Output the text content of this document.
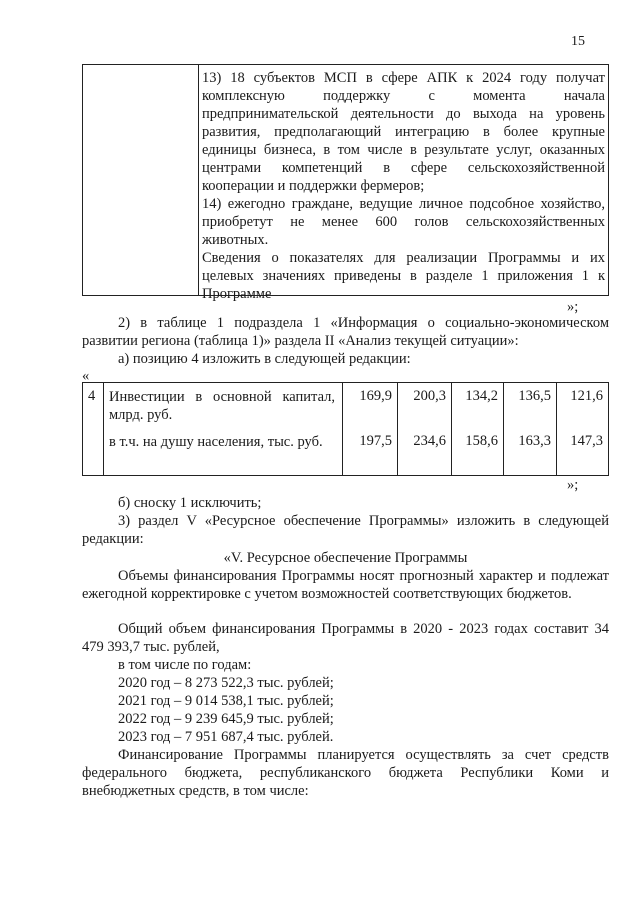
15

13) 18 субъектов МСП в сфере АПК к 2024 году получат комплексную поддержку с момента начала предпринимательской деятельности до выхода на уровень развития, предполагающий интеграцию в более крупные единицы бизнеса, в том числе в результате услуг, оказанных центрами компетенций в сфере сельскохозяйственной кооперации и поддержки фермеров;

14) ежегодно граждане, ведущие личное подсобное хозяйство, приобретут не менее 600 голов сельскохозяйственных животных.

Сведения о показателях для реализации Программы и их целевых значениях приведены в разделе 1 приложения 1 к Программе

»;

2) в таблице 1 подраздела 1 «Информация о социально-экономическом развитии региона (таблица 1)» раздела II «Анализ текущей ситуации»:

а) позицию 4 изложить в следующей редакции:

«
4 Инвестиции в основной капитал, млрд. руб.
169,9	200,3	134,2	136,5	121,6
в т.ч. на душу населения, тыс. руб.	197,5	234,6	158,6	163,3	147,3
»;

б) сноску 1 исключить;

3) раздел V «Ресурсное обеспечение Программы» изложить в следующей редакции:

«V. Ресурсное обеспечение Программы

Объемы финансирования Программы носят прогнозный характер и подлежат ежегодной корректировке с учетом возможностей соответствующих бюджетов.

Общий объем финансирования Программы в 2020 - 2023 годах составит 34 479 393,7 тыс. рублей,

в том числе по годам:

2020 год – 8 273 522,3 тыс. рублей;

2021 год – 9 014 538,1 тыс. рублей;

2022 год – 9 239 645,9 тыс. рублей;

2023 год – 7 951 687,4 тыс. рублей.

Финансирование Программы планируется осуществлять за счет средств федерального бюджета, республиканского бюджета Республики Коми и внебюджетных средств, в том числе:
